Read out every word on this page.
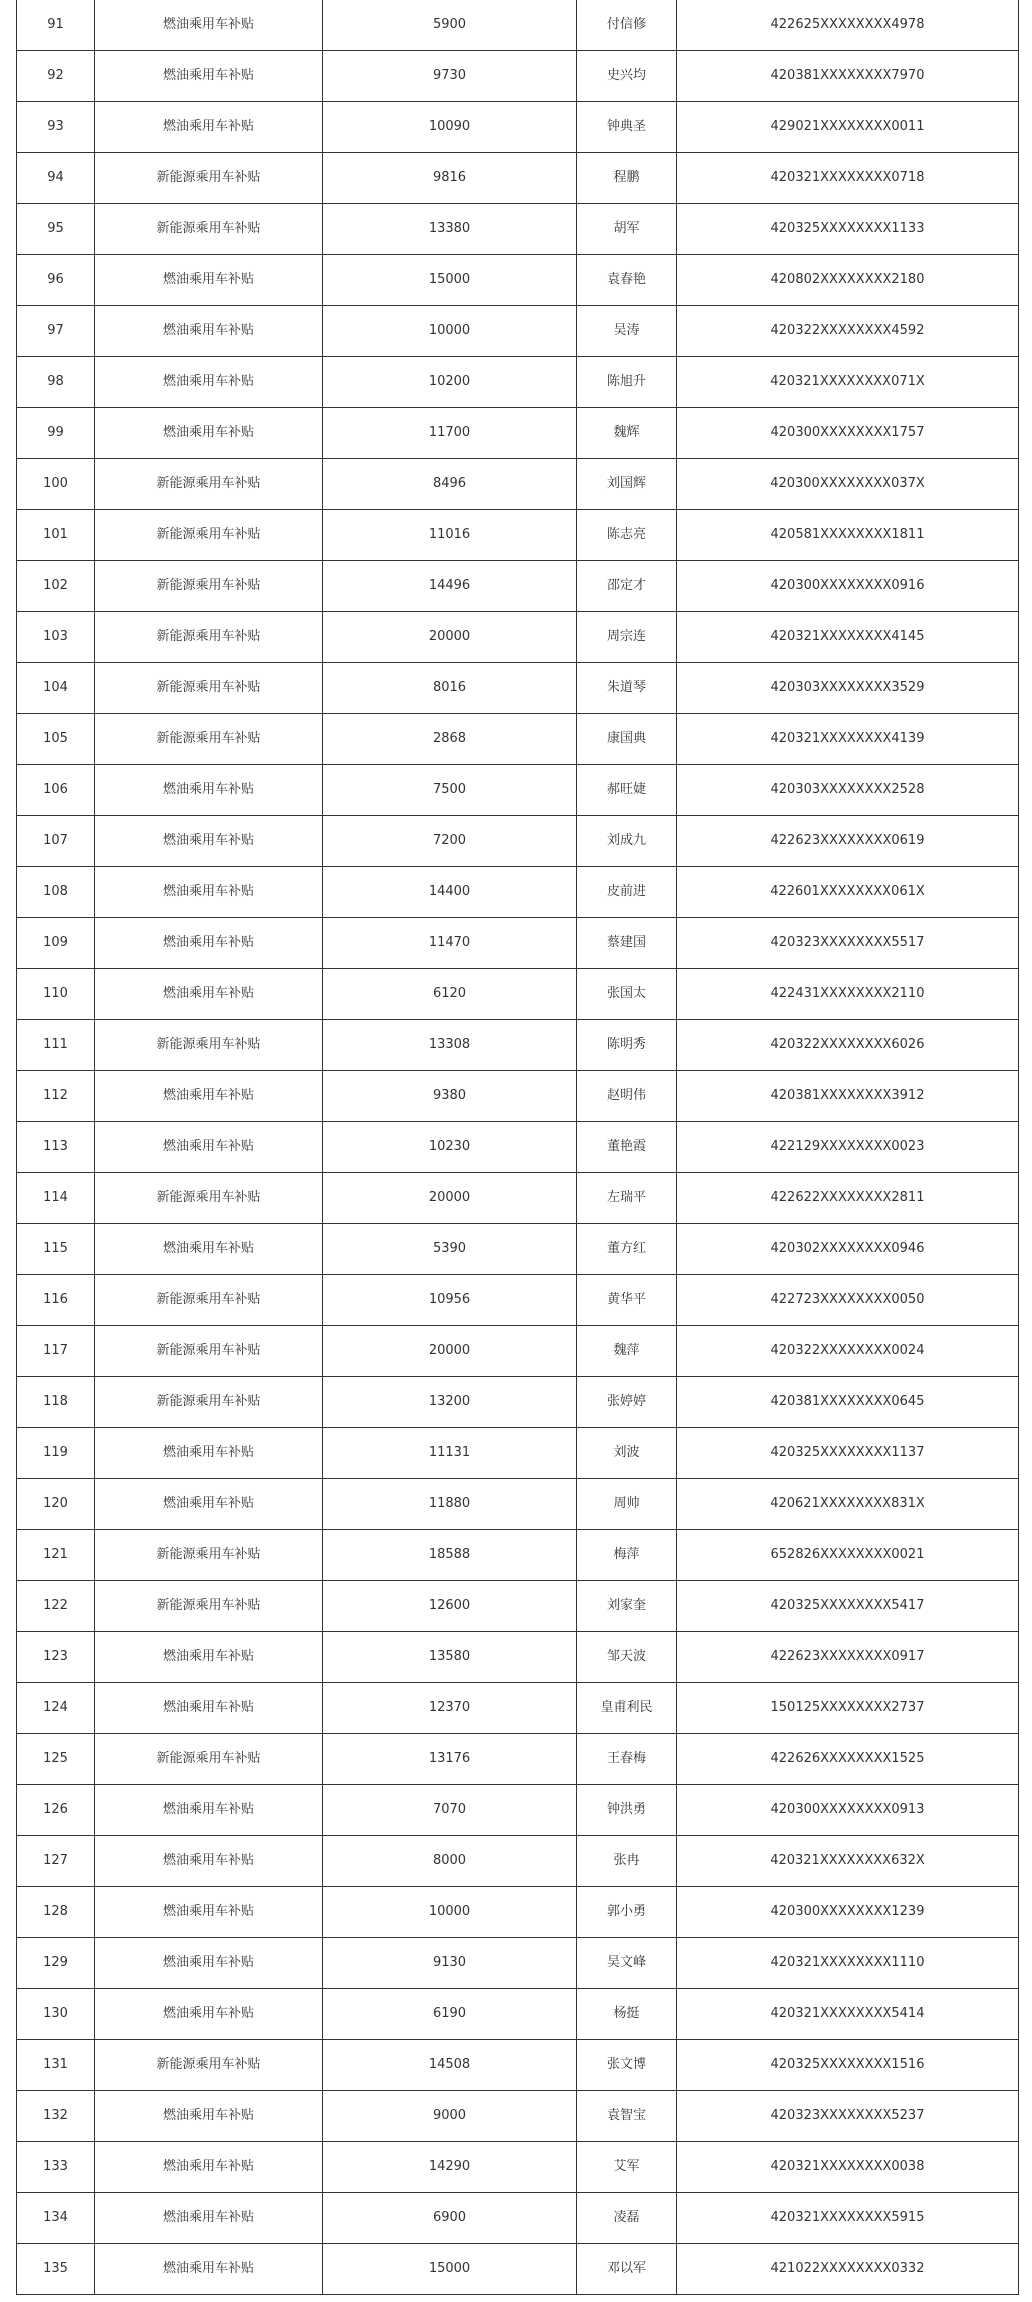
91	燃油乘用车补贴	5900	付信修	422625XXXXXXXX4978
92	燃油乘用车补贴	9730	史兴均	420381XXXXXXXX7970
93	燃油乘用车补贴	10090	钟典圣	429021XXXXXXXX0011
94	新能源乘用车补贴	9816	程鹏	420321XXXXXXXX0718
95	新能源乘用车补贴	13380	胡军	420325XXXXXXXX1133
96	燃油乘用车补贴	15000	袁春艳	420802XXXXXXXX2180
97	燃油乘用车补贴	10000	吴涛	420322XXXXXXXX4592
98	燃油乘用车补贴	10200	陈旭升	420321XXXXXXXX071X
99	燃油乘用车补贴	11700	魏辉	420300XXXXXXXX1757
100	新能源乘用车补贴	8496	刘国辉	420300XXXXXXXX037X
101	新能源乘用车补贴	11016	陈志亮	420581XXXXXXXX1811
102	新能源乘用车补贴	14496	邵定才	420300XXXXXXXX0916
103	新能源乘用车补贴	20000	周宗连	420321XXXXXXXX4145
104	新能源乘用车补贴	8016	朱道琴	420303XXXXXXXX3529
105	新能源乘用车补贴	2868	康国典	420321XXXXXXXX4139
106	燃油乘用车补贴	7500	郝旺婕	420303XXXXXXXX2528
107	燃油乘用车补贴	7200	刘成九	422623XXXXXXXX0619
108	燃油乘用车补贴	14400	皮前进	422601XXXXXXXX061X
109	燃油乘用车补贴	11470	蔡建国	420323XXXXXXXX5517
110	燃油乘用车补贴	6120	张国太	422431XXXXXXXX2110
111	新能源乘用车补贴	13308	陈明秀	420322XXXXXXXX6026
112	燃油乘用车补贴	9380	赵明伟	420381XXXXXXXX3912
113	燃油乘用车补贴	10230	董艳霞	422129XXXXXXXX0023
114	新能源乘用车补贴	20000	左瑞平	422622XXXXXXXX2811
115	燃油乘用车补贴	5390	董方红	420302XXXXXXXX0946
116	新能源乘用车补贴	10956	黄华平	422723XXXXXXXX0050
117	新能源乘用车补贴	20000	魏萍	420322XXXXXXXX0024
118	新能源乘用车补贴	13200	张婷婷	420381XXXXXXXX0645
119	燃油乘用车补贴	11131	刘波	420325XXXXXXXX1137
120	燃油乘用车补贴	11880	周帅	420621XXXXXXXX831X
121	新能源乘用车补贴	18588	梅萍	652826XXXXXXXX0021
122	新能源乘用车补贴	12600	刘家奎	420325XXXXXXXX5417
123	燃油乘用车补贴	13580	邹天波	422623XXXXXXXX0917
124	燃油乘用车补贴	12370	皇甫利民	150125XXXXXXXX2737
125	新能源乘用车补贴	13176	王春梅	422626XXXXXXXX1525
126	燃油乘用车补贴	7070	钟洪勇	420300XXXXXXXX0913
127	燃油乘用车补贴	8000	张冉	420321XXXXXXXX632X
128	燃油乘用车补贴	10000	郭小勇	420300XXXXXXXX1239
129	燃油乘用车补贴	9130	吴文峰	420321XXXXXXXX1110
130	燃油乘用车补贴	6190	杨挺	420321XXXXXXXX5414
131	新能源乘用车补贴	14508	张文博	420325XXXXXXXX1516
132	燃油乘用车补贴	9000	袁智宝	420323XXXXXXXX5237
133	燃油乘用车补贴	14290	艾军	420321XXXXXXXX0038
134	燃油乘用车补贴	6900	凌磊	420321XXXXXXXX5915
135	燃油乘用车补贴	15000	邓以军	421022XXXXXXXX0332
